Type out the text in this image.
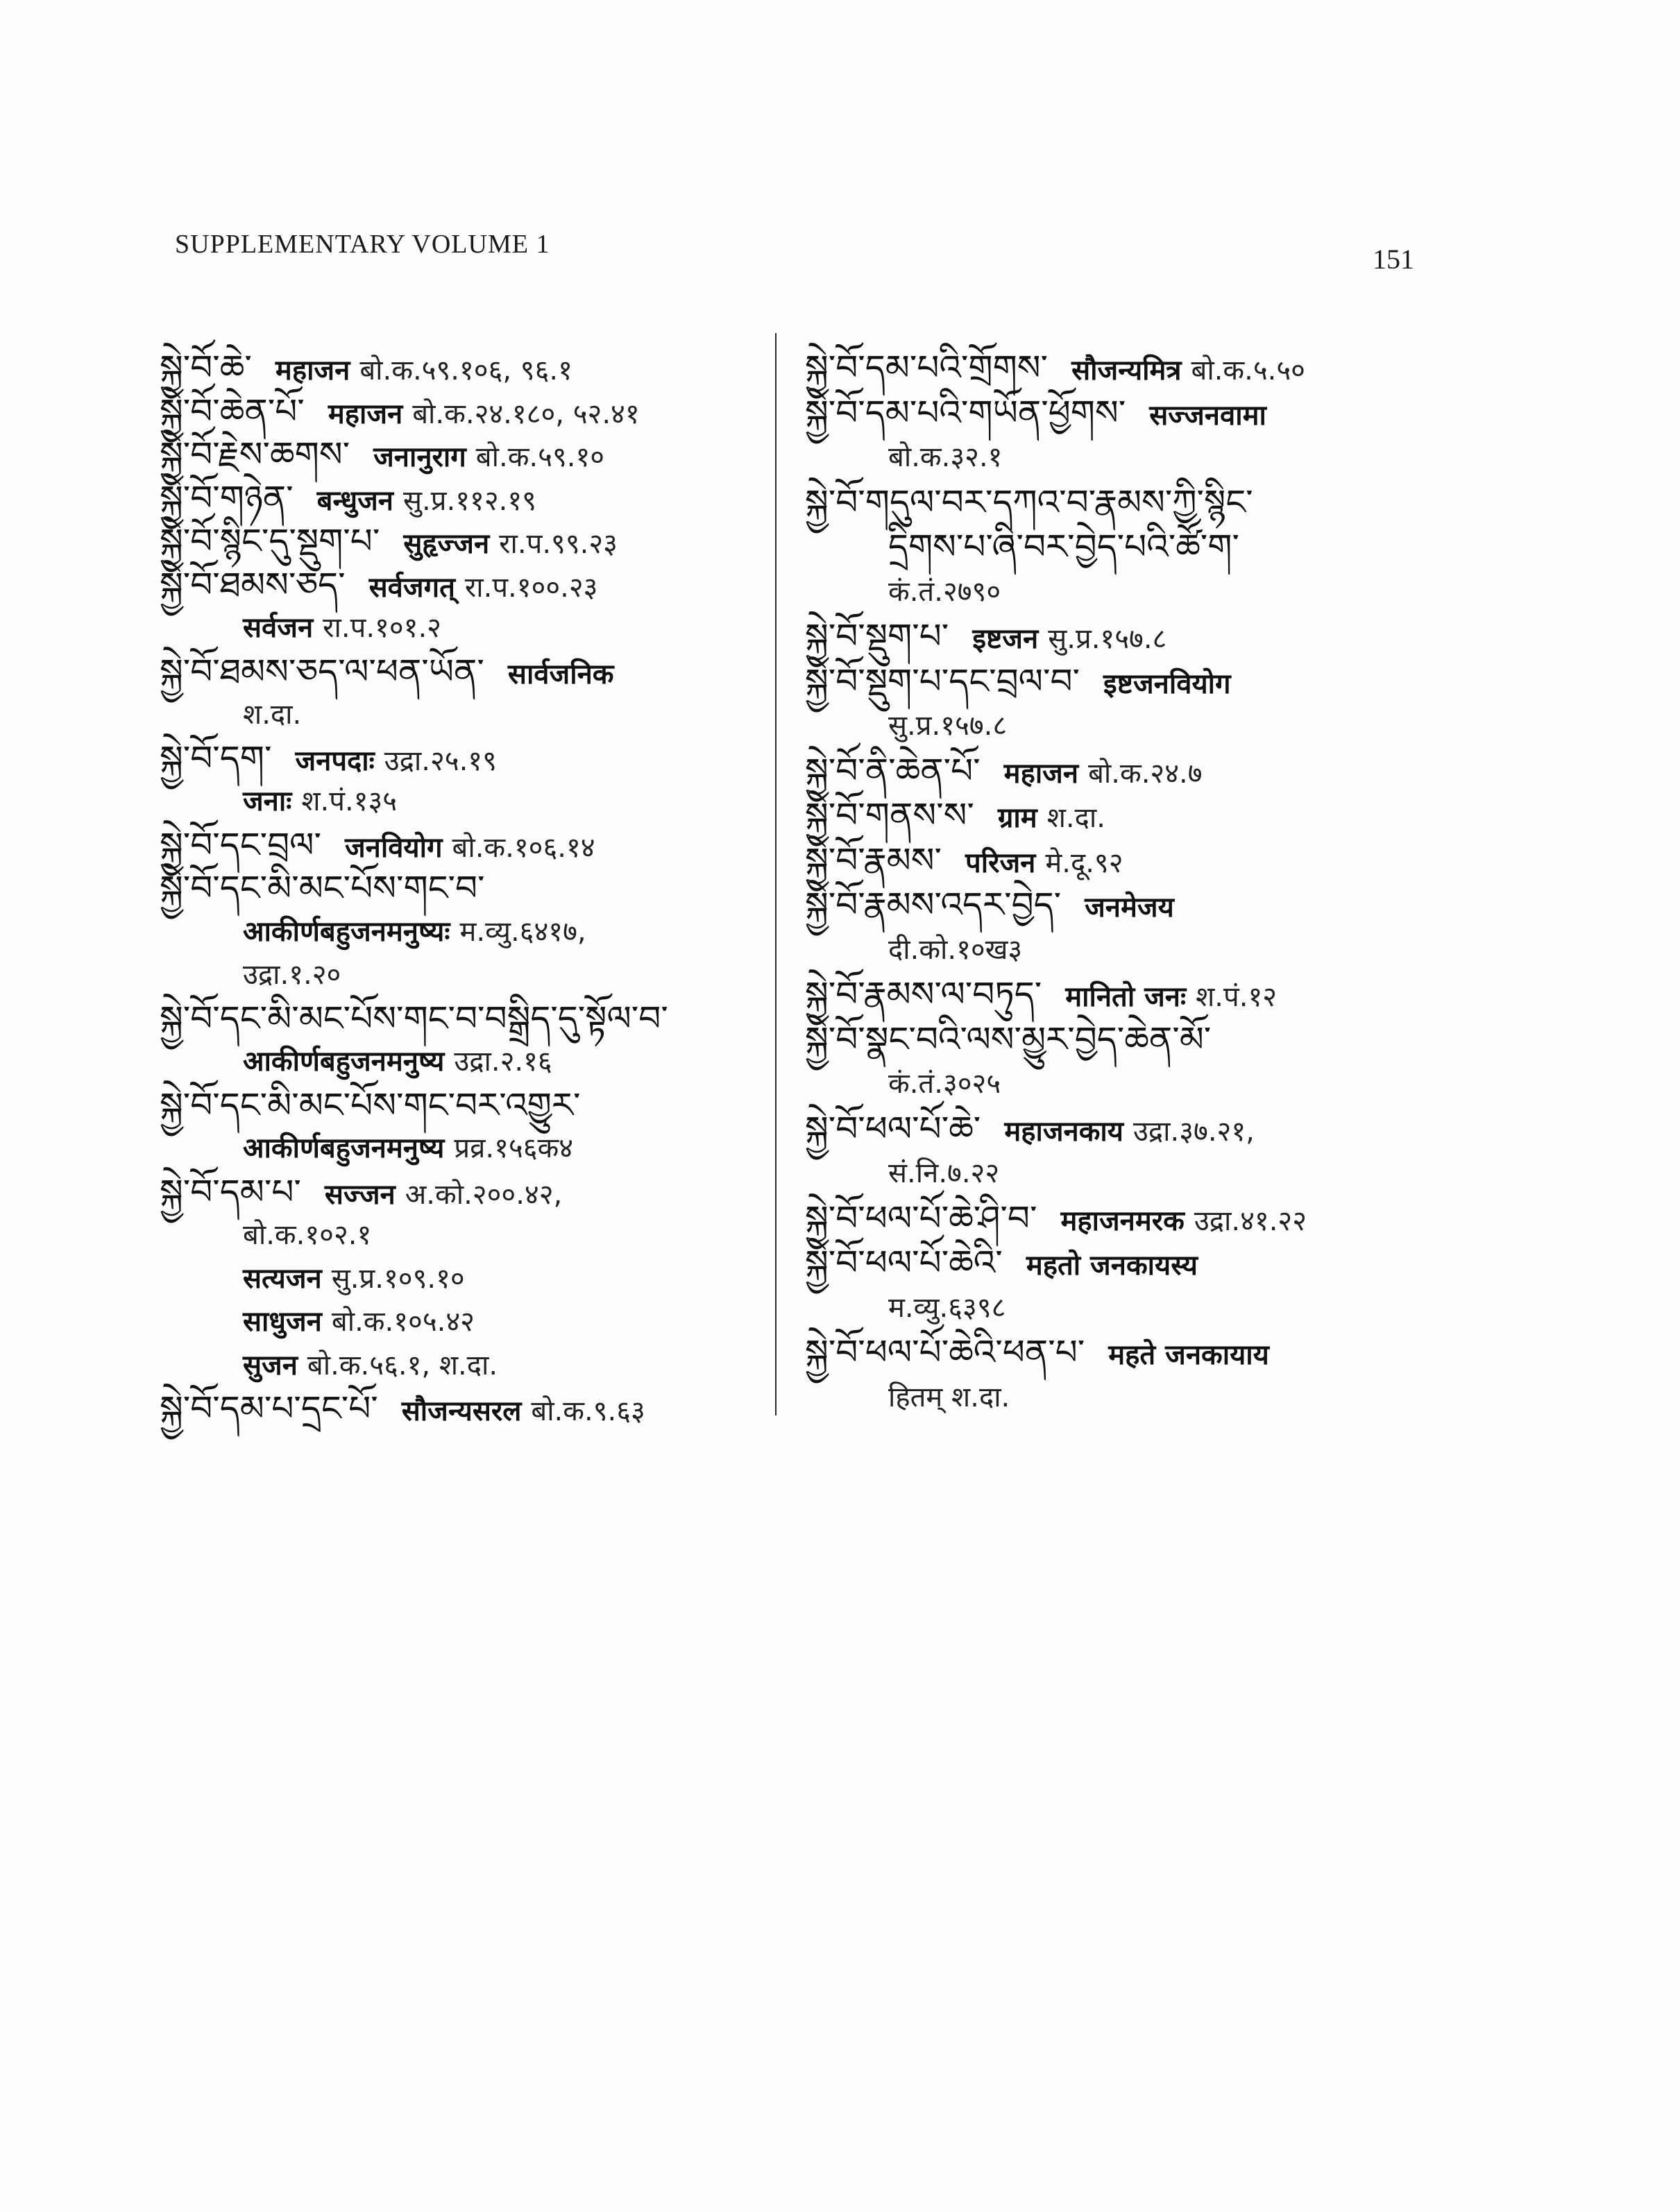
SUPPLEMENTARY VOLUME 1	151
སྐྱེ་བོ་ཆེ་ महाजन बो.क.५९.१०६, ९६.१
སྐྱེ་བོ་ཆེན་པོ་ महाजन बो.क.२४.१८०, ५२.४१
སྐྱེ་བོ་རྗེས་ཆགས་ जनानुराग बो.क.५९.१०
སྐྱེ་བོ་གཉེན་ बन्धुजन सु.प्र.११२.१९
སྐྱེ་བོ་སྙིང་དུ་སྡུག་པ་ सुहृज्जन रा.प.९९.२३
སྐྱེ་བོ་ཐམས་ཅད་ सर्वजगत् रा.प.१००.२३
सर्वजन रा.प.१०१.२
སྐྱེ་བོ་ཐམས་ཅད་ལ་ཕན་ཡོན་ सार्वजनिक
श.दा.
སྐྱེ་བོ་དག་ जनपदाः उद्रा.२५.१९
जनाः श.पं.१३५
སྐྱེ་བོ་དང་བྲལ་ जनवियोग बो.क.१०६.१४
སྐྱེ་བོ་དང་མི་མང་པོས་གང་བ་
आकीर्णबहुजनमनुष्यः म.व्यु.६४१७,
उद्रा.१.२०
སྐྱེ་བོ་དང་མི་མང་པོས་གང་བ་བསྒྲིད་དུ་སྟོལ་བ་
आकीर्णबहुजनमनुष्य उद्रा.२.१६
སྐྱེ་བོ་དང་མི་མང་པོས་གང་བར་འགྱུར་
आकीर्णबहुजनमनुष्य प्रव्र.१५६क४
སྐྱེ་བོ་དམ་པ་ सज्जन अ.को.२००.४२,
बो.क.१०२.१
सत्यजन सु.प्र.१०९.१०
साधुजन बो.क.१०५.४२
सुजन बो.क.५६.१, श.दा.
སྐྱེ་བོ་དམ་པ་དྲང་པོ་ सौजन्यसरल बो.क.९.६३
སྐྱེ་བོ་དམ་པའི་གྲོགས་ सौजन्यमित्र बो.क.५.५०
སྐྱེ་བོ་དམ་པའི་གཡོན་ཕྱོགས་ सज्जनवामा
बो.क.३२.१
སྐྱེ་བོ་གདུལ་བར་དཀའ་བ་རྣམས་ཀྱི་སྙིང་
དྲིགས་པ་ཞི་བར་བྱེད་པའི་ཚོ་ག་
कं.तं.२७९०
སྐྱེ་བོ་སྡུག་པ་ इष्टजन सु.प्र.१५७.८
སྐྱེ་བོ་སྡུག་པ་དང་བྲལ་བ་ इष्टजनवियोग
सु.प्र.१५७.८
སྐྱེ་བོ་ནི་ཆེན་པོ་ महाजन बो.क.२४.७
སྐྱེ་བོ་གནས་ས་ ग्राम श.दा.
སྐྱེ་བོ་རྣམས་ परिजन मे.दू.९२
སྐྱེ་བོ་རྣམས་འདར་བྱེད་ जनमेजय
दी.को.१०ख३
སྐྱེ་བོ་རྣམས་ལ་བཏུད་ मानितो जनः श.पं.१२
སྐྱེ་བོ་སྣང་བའི་ལས་མྱུར་བྱེད་ཆེན་མོ་
कं.तं.३०२५
སྐྱེ་བོ་ཕལ་པོ་ཆེ་ महाजनकाय उद्रा.३७.२१,
सं.नि.७.२२
སྐྱེ་བོ་ཕལ་པོ་ཆེ་ཤི་བ་ महाजनमरक उद्रा.४१.२२
སྐྱེ་བོ་ཕལ་པོ་ཆེའི་ महतो जनकायस्य
म.व्यु.६३९८
སྐྱེ་བོ་ཕལ་པོ་ཆེའི་ཕན་པ་ महते जनकायाय
हितम् श.दा.
